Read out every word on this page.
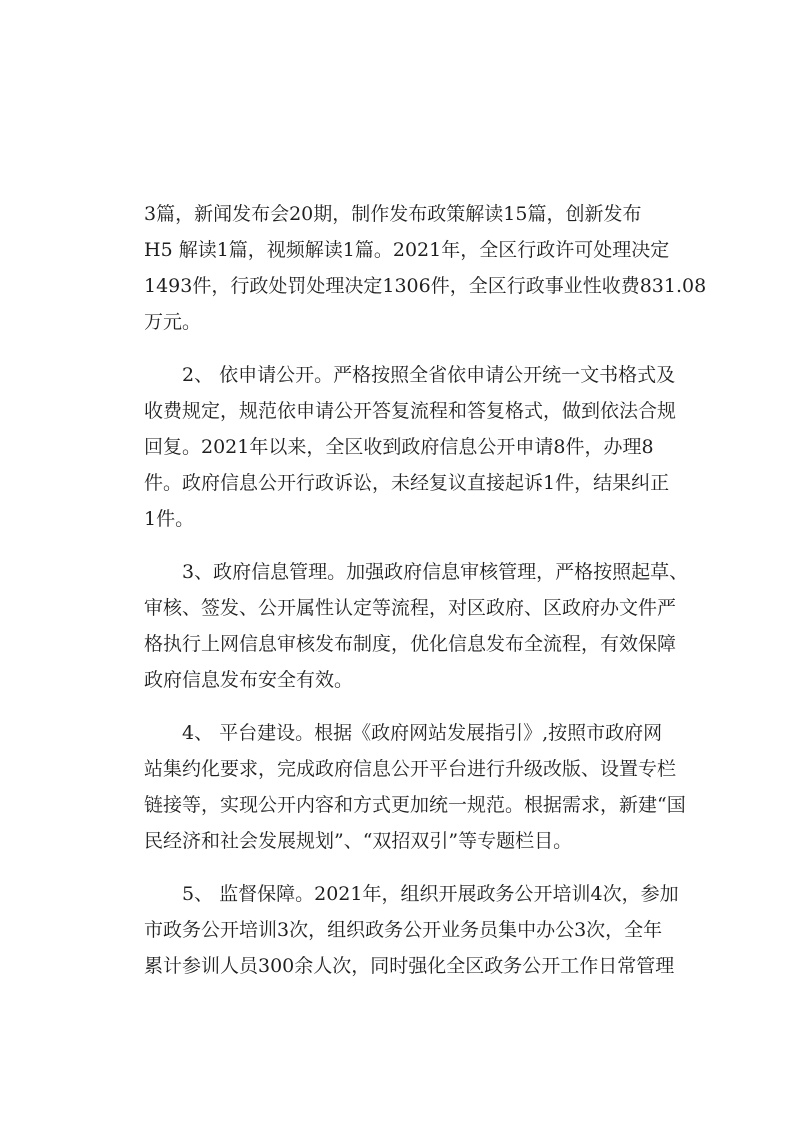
3篇，新闻发布会20期，制作发布政策解读15篇，创新发布
H5 解读1篇，视频解读1篇。2021年，全区行政许可处理决定
1493件，行政处罚处理决定1306件，全区行政事业性收费831.08
万元。

2、 依申请公开。严格按照全省依申请公开统一文书格式及
收费规定，规范依申请公开答复流程和答复格式，做到依法合规
回复。2021年以来，全区收到政府信息公开申请8件，办理8
件。政府信息公开行政诉讼，未经复议直接起诉1件，结果纠正
1件。

3、政府信息管理。加强政府信息审核管理，严格按照起草、
审核、签发、公开属性认定等流程，对区政府、区政府办文件严
格执行上网信息审核发布制度，优化信息发布全流程，有效保障
政府信息发布安全有效。

4、 平台建设。根据《政府网站发展指引》,按照市政府网
站集约化要求，完成政府信息公开平台进行升级改版、设置专栏
链接等，实现公开内容和方式更加统一规范。根据需求，新建“国
民经济和社会发展规划”、“双招双引”等专题栏目。

5、 监督保障。2021年，组织开展政务公开培训4次，参加
市政务公开培训3次，组织政务公开业务员集中办公3次，全年
累计参训人员300余人次，同时强化全区政务公开工作日常管理
